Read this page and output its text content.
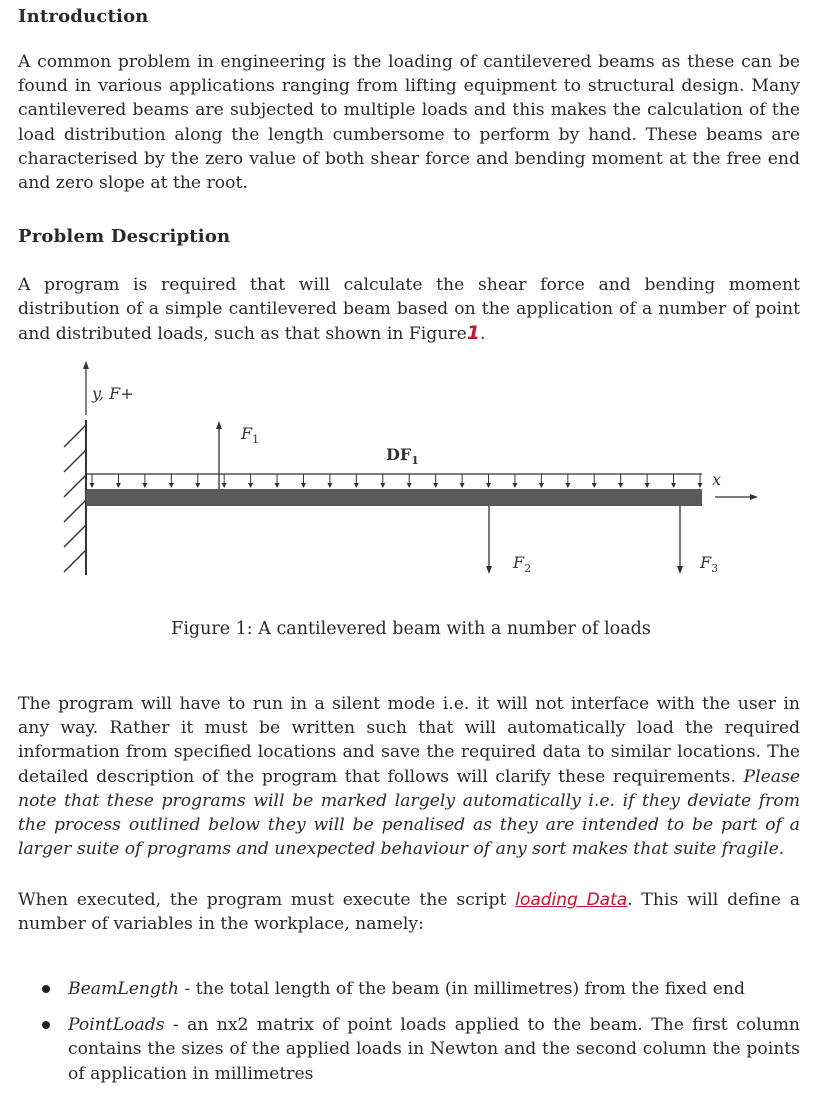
Introduction
A common problem in engineering is the loading of cantilevered beams as these can be found in various applications ranging from lifting equipment to structural design. Many cantilevered beams are subjected to multiple loads and this makes the calculation of the load distribution along the length cumbersome to perform by hand. These beams are characterised by the zero value of both shear force and bending moment at the free end and zero slope at the root.
Problem Description
A program is required that will calculate the shear force and bending moment distribution of a simple cantilevered beam based on the application of a number of point and distributed loads, such as that shown in Figure1.
y, F+
$F_1$
$DF_1$
$F_2$	$F_3$
x
Figure 1: A cantilevered beam with a number of loads
The program will have to run in a silent mode i.e. it will not interface with the user in any way. Rather it must be written such that will automatically load the required information from specified locations and save the required data to similar locations. The detailed description of the program that follows will clarify these requirements. Please note that these programs will be marked largely automatically i.e. if they deviate from the process outlined below they will be penalised as they are intended to be part of a larger suite of programs and unexpected behaviour of any sort makes that suite fragile.
When executed, the program must execute the script loading Data. This will define a number of variables in the workplace, namely:
BeamLength - the total length of the beam (in millimetres) from the fixed end
PointLoads - an nx2 matrix of point loads applied to the beam. The first column contains the sizes of the applied loads in Newton and the second column the points of application in millimetres
